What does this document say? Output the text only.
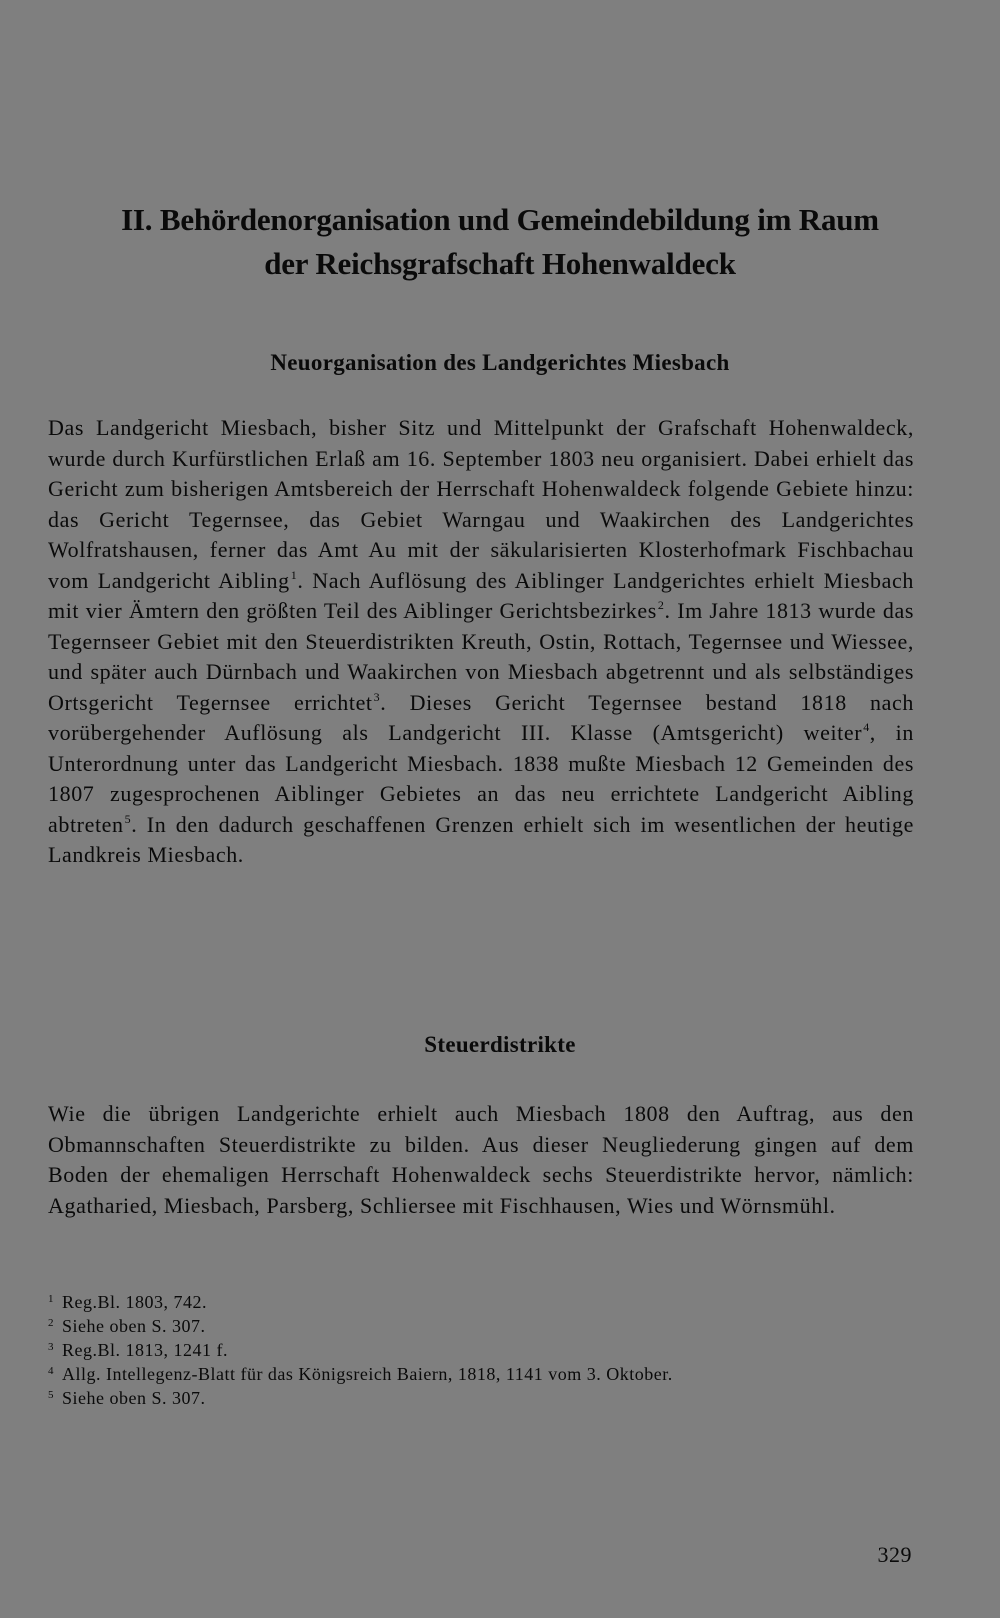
II. Behördenorganisation und Gemeindebildung im Raum
der Reichsgrafschaft Hohenwaldeck
Neuorganisation des Landgerichtes Miesbach

Das Landgericht Miesbach, bisher Sitz und Mittelpunkt der Grafschaft Hohenwaldeck, wurde durch Kurfürstlichen Erlaß am 16. September 1803 neu organisiert. Dabei erhielt das Gericht zum bisherigen Amtsbereich der Herrschaft Hohenwaldeck folgende Gebiete hinzu: das Gericht Tegernsee, das Gebiet Warngau und Waakirchen des Landgerichtes Wolfratshausen, ferner das Amt Au mit der säkularisierten Klosterhofmark Fischbachau vom Landgericht Aibling$^1$. Nach Auflösung des Aiblinger Landgerichtes erhielt Miesbach mit vier Ämtern den größten Teil des Aiblinger Gerichtsbezirkes$^2$. Im Jahre 1813 wurde das Tegernseer Gebiet mit den Steuerdistrikten Kreuth, Ostin, Rottach, Tegernsee und Wiessee, und später auch Dürnbach und Waakirchen von Miesbach abgetrennt und als selbständiges Ortsgericht Tegernsee errichtet$^3$. Dieses Gericht Tegernsee bestand 1818 nach vorübergehender Auflösung als Landgericht III. Klasse (Amtsgericht) weiter$^4$, in Unterordnung unter das Landgericht Miesbach. 1838 mußte Miesbach 12 Gemeinden des 1807 zugesprochenen Aiblinger Gebietes an das neu errichtete Landgericht Aibling abtreten$^5$. In den dadurch geschaffenen Grenzen erhielt sich im wesentlichen der heutige Landkreis Miesbach.

Steuerdistrikte

Wie die übrigen Landgerichte erhielt auch Miesbach 1808 den Auftrag, aus den Obmannschaften Steuerdistrikte zu bilden. Aus dieser Neugliederung gingen auf dem Boden der ehemaligen Herrschaft Hohenwaldeck sechs Steuerdistrikte hervor, nämlich: Agatharied, Miesbach, Parsberg, Schliersee mit Fischhausen, Wies und Wörnsmühl.

1 Reg.Bl. 1803, 742.
2 Siehe oben S. 307.
3 Reg.Bl. 1813, 1241 f.
4 Allg. Intellegenz-Blatt für das Königsreich Baiern, 1818, 1141 vom 3. Oktober.
5 Siehe oben S. 307.
329
